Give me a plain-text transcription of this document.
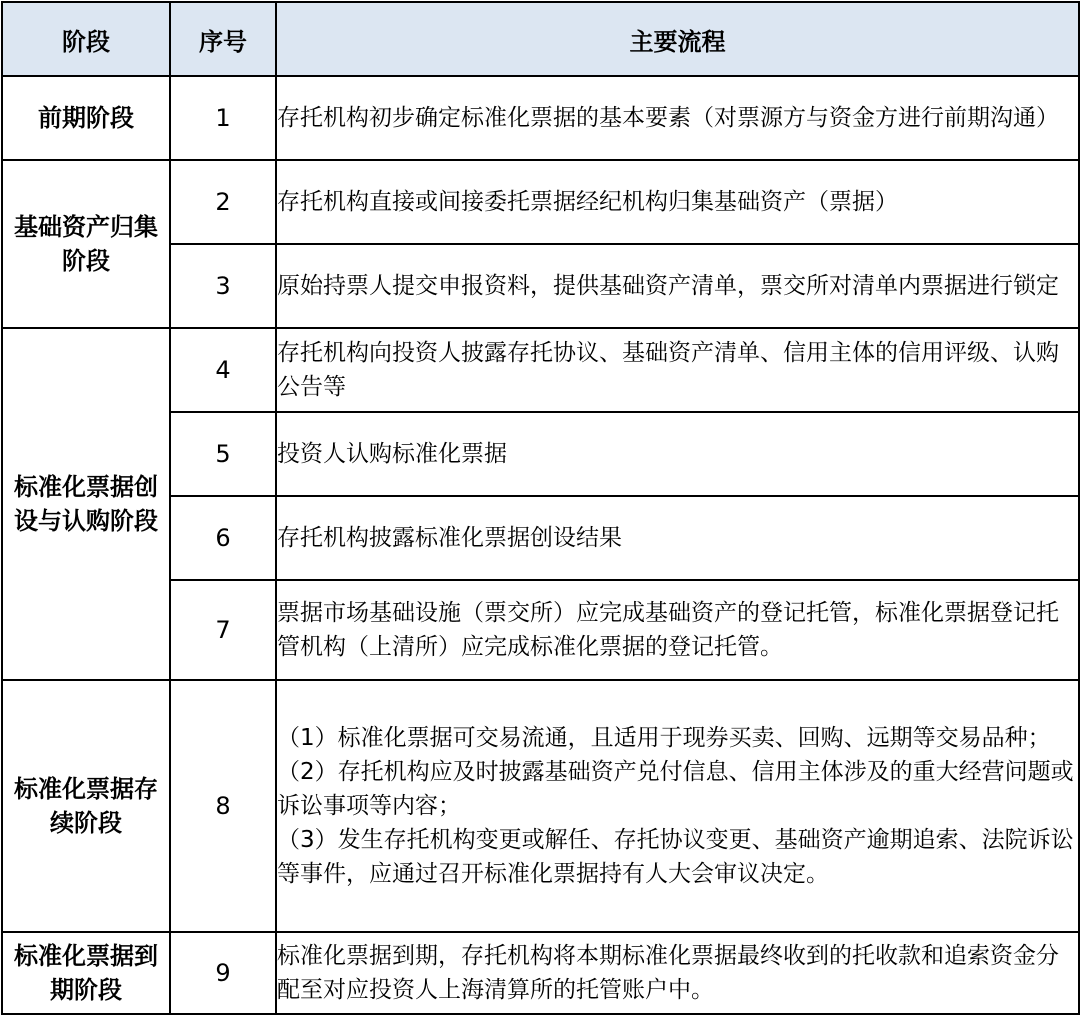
阶段	序号	主要流程
前期阶段	1	存托机构初步确定标准化票据的基本要素（对票源方与资金方进行前期沟通）
基础资产归集阶段	2	存托机构直接或间接委托票据经纪机构归集基础资产（票据）
	3	原始持票人提交申报资料，提供基础资产清单，票交所对清单内票据进行锁定
标准化票据创设与认购阶段	4	存托机构向投资人披露存托协议、基础资产清单、信用主体的信用评级、认购公告等
	5	投资人认购标准化票据
	6	存托机构披露标准化票据创设结果
	7	票据市场基础设施（票交所）应完成基础资产的登记托管，标准化票据登记托管机构（上清所）应完成标准化票据的登记托管。
标准化票据存续阶段	8	（1）标准化票据可交易流通，且适用于现券买卖、回购、远期等交易品种；
（2）存托机构应及时披露基础资产兑付信息、信用主体涉及的重大经营问题或诉讼事项等内容；
（3）发生存托机构变更或解任、存托协议变更、基础资产逾期追索、法院诉讼等事件，应通过召开标准化票据持有人大会审议决定。

标准化票据到期阶段	9	标准化票据到期，存托机构将本期标准化票据最终收到的托收款和追索资金分配至对应投资人上海清算所的托管账户中。
